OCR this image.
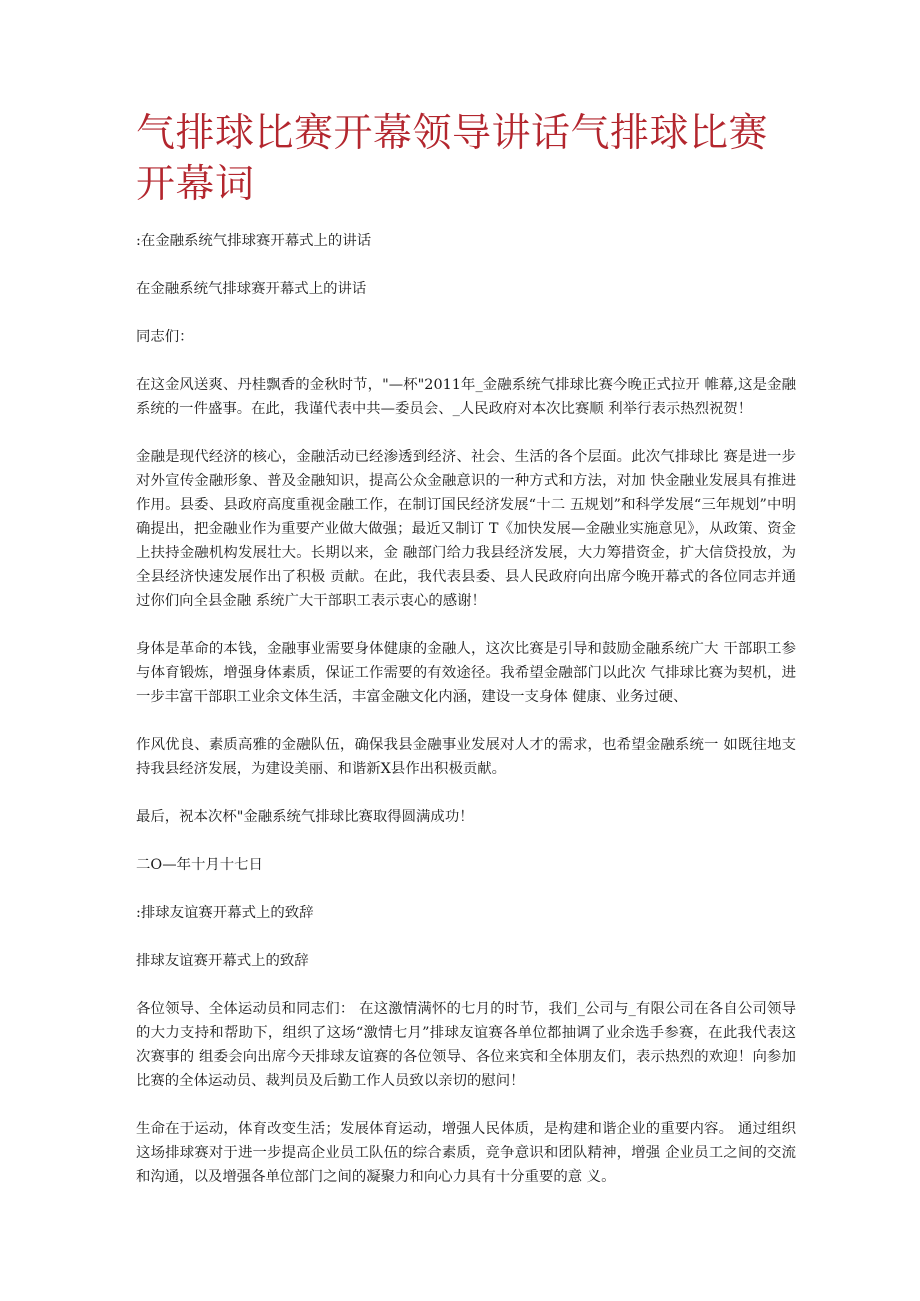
气排球比赛开幕领导讲话气排球比赛开幕词

:在金融系统气排球赛开幕式上的讲话

在金融系统气排球赛开幕式上的讲话

同志们：

在这金风送爽、丹桂飘香的金秋时节，"—杯"2011年_金融系统气排球比赛今晚正式拉开 帷幕,这是金融系统的一件盛事。在此，我谨代表中共—委员会、_人民政府对本次比赛顺 利举行表示热烈祝贺！

金融是现代经济的核心，金融活动已经渗透到经济、社会、生活的各个层面。此次气排球比 赛是进一步对外宣传金融形象、普及金融知识，提高公众金融意识的一种方式和方法，对加 快金融业发展具有推进作用。县委、县政府高度重视金融工作，在制订国民经济发展“十二 五规划”和科学发展“三年规划”中明确提出，把金融业作为重要产业做大做强；最近又制订 T《加快发展—金融业实施意见》，从政策、资金上扶持金融机构发展壮大。长期以来，金 融部门给力我县经济发展，大力筹措资金，扩大信贷投放，为全县经济快速发展作出了积极 贡献。在此，我代表县委、县人民政府向出席今晚开幕式的各位同志并通过你们向全县金融 系统广大干部职工表示衷心的感谢！

身体是革命的本钱，金融事业需要身体健康的金融人，这次比赛是引导和鼓励金融系统广大 干部职工参与体育锻炼，增强身体素质，保证工作需要的有效途径。我希望金融部门以此次 气排球比赛为契机，进一步丰富干部职工业余文体生活，丰富金融文化内涵，建设一支身体 健康、业务过硬、

作风优良、素质高雅的金融队伍，确保我县金融事业发展对人才的需求，也希望金融系统一 如既往地支持我县经济发展，为建设美丽、和谐新X县作出积极贡献。

最后，祝本次杯"金融系统气排球比赛取得圆满成功！

二O—年十月十七日

:排球友谊赛开幕式上的致辞

排球友谊赛开幕式上的致辞

各位领导、全体运动员和同志们： 在这激情满怀的七月的时节，我们_公司与_有限公司在各自公司领导的大力支持和帮助下，组织了这场“激情七月”排球友谊赛各单位都抽调了业余选手参赛，在此我代表这次赛事的 组委会向出席今天排球友谊赛的各位领导、各位来宾和全体朋友们，表示热烈的欢迎！向参加比赛的全体运动员、裁判员及后勤工作人员致以亲切的慰问！

生命在于运动，体育改变生活；发展体育运动，增强人民体质，是构建和谐企业的重要内容。 通过组织这场排球赛对于进一步提高企业员工队伍的综合素质，竞争意识和团队精神，增强 企业员工之间的交流和沟通，以及增强各单位部门之间的凝聚力和向心力具有十分重要的意 义。
